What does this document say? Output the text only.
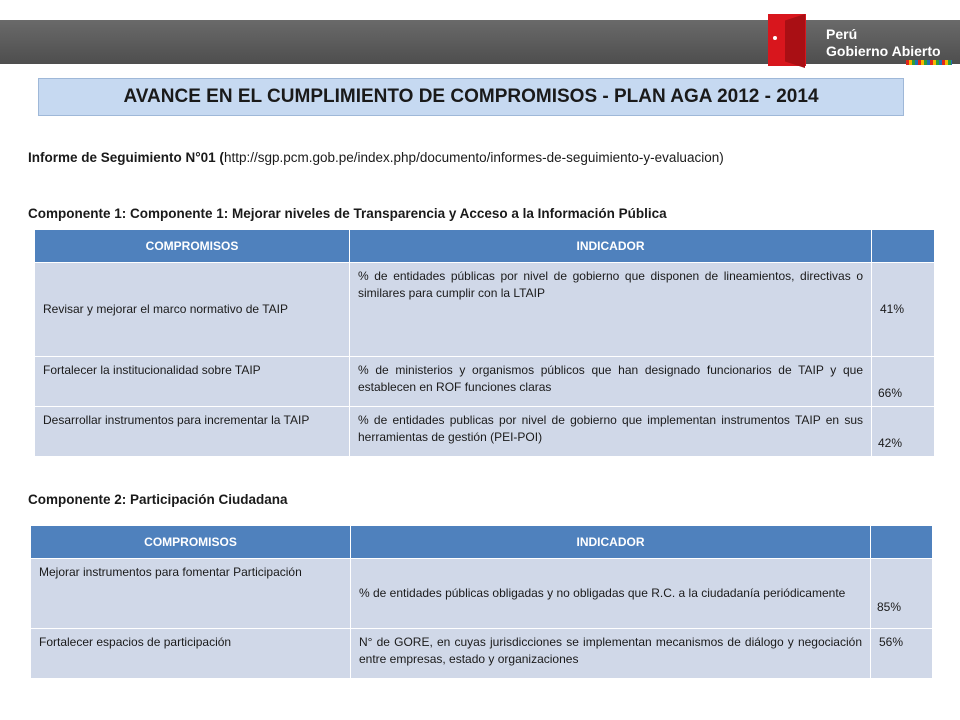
Perú
Gobierno Abierto
AVANCE EN EL CUMPLIMIENTO DE COMPROMISOS - PLAN AGA 2012 - 2014
Informe de Seguimiento N°01 (http://sgp.pcm.gob.pe/index.php/documento/informes-de-seguimiento-y-evaluacion)
Componente 1: Componente 1: Mejorar niveles de Transparencia y Acceso a la Información Pública
COMPROMISOS	INDICADOR	
Revisar y mejorar el marco normativo de TAIP	% de entidades públicas por nivel de gobierno que disponen de lineamientos, directivas o similares para cumplir con la LTAIP	41%
Fortalecer la institucionalidad sobre TAIP	% de ministerios y organismos públicos que han designado funcionarios de TAIP y que establecen en ROF funciones claras	66%
Desarrollar instrumentos para incrementar la TAIP	% de entidades publicas por nivel de gobierno que implementan instrumentos TAIP en sus herramientas de gestión (PEI-POI)	42%
Componente 2: Participación Ciudadana
COMPROMISOS	INDICADOR	
Mejorar instrumentos para fomentar Participación	% de entidades públicas obligadas y no obligadas que R.C. a la ciudadanía periódicamente	85%
Fortalecer espacios de participación	N° de GORE, en cuyas jurisdicciones se implementan mecanismos de diálogo y negociación entre empresas, estado y organizaciones	56%
